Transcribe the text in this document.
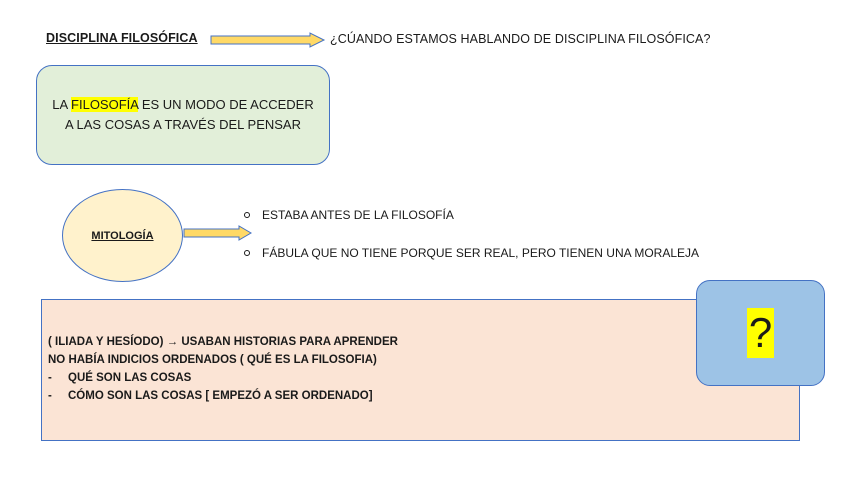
DISCIPLINA FILOSÓFICA	¿CÚANDO ESTAMOS HABLANDO DE DISCIPLINA FILOSÓFICA?
LA FILOSOFÍA ES UN MODO DE ACCEDER
A LAS COSAS A TRAVÉS DEL PENSAR
MITOLOGÍA
ESTABA ANTES DE LA FILOSOFÍA
FÁBULA QUE NO TIENE PORQUE SER REAL, PERO TIENEN UNA MORALEJA
( ILIADA Y HESÍODO) → USABAN HISTORIAS PARA APRENDER
NO HABÍA INDICIOS ORDENADOS ( QUÉ ES LA FILOSOFIA)
-	QUÉ SON LAS COSAS
-	CÓMO SON LAS COSAS [ EMPEZÓ A SER ORDENADO]
?
